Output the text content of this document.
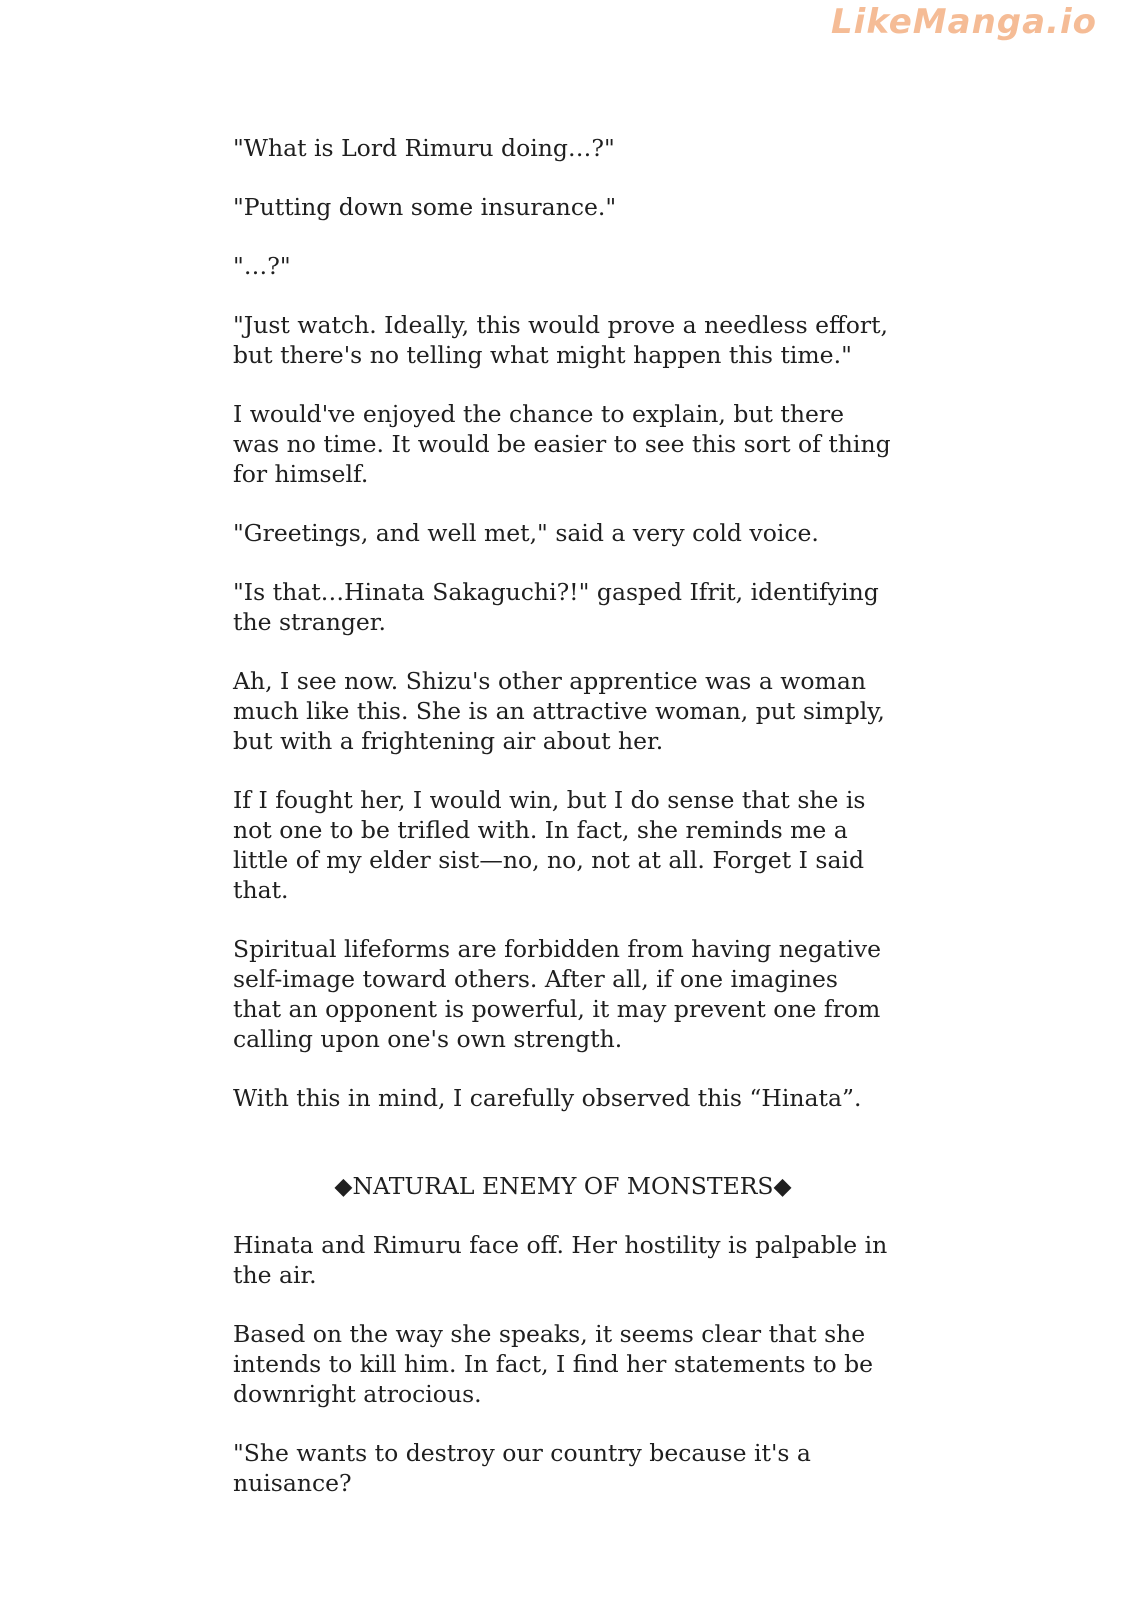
LikeManga.io

"What is Lord Rimuru doing…?"

"Putting down some insurance."

"…?"

"Just watch. Ideally, this would prove a needless effort, but there's no telling what might happen this time."

I would've enjoyed the chance to explain, but there was no time. It would be easier to see this sort of thing for himself.

"Greetings, and well met," said a very cold voice.

"Is that…Hinata Sakaguchi?!" gasped Ifrit, identifying the stranger.

Ah, I see now. Shizu's other apprentice was a woman much like this. She is an attractive woman, put simply, but with a frightening air about her.

If I fought her, I would win, but I do sense that she is not one to be trifled with. In fact, she reminds me a little of my elder sist—no, no, not at all. Forget I said that.

Spiritual lifeforms are forbidden from having negative self-image toward others. After all, if one imagines that an opponent is powerful, it may prevent one from calling upon one's own strength.

With this in mind, I carefully observed this “Hinata”.

◆NATURAL ENEMY OF MONSTERS◆

Hinata and Rimuru face off. Her hostility is palpable in the air.

Based on the way she speaks, it seems clear that she intends to kill him. In fact, I find her statements to be downright atrocious.

"She wants to destroy our country because it's a nuisance?
